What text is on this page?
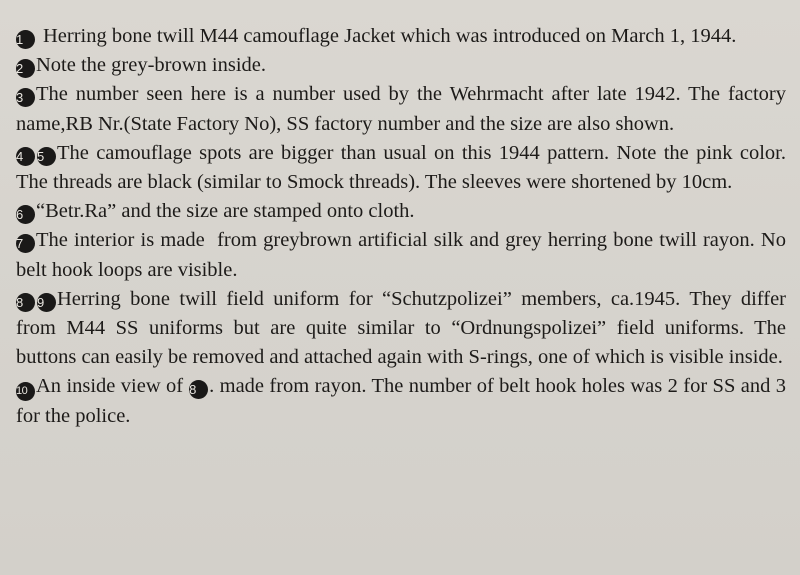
1 Herring bone twill M44 camouflage Jacket which was introduced on March 1, 1944.

2 Note the grey-brown inside.

3 The number seen here is a number used by the Wehrmacht after late 1942. The factory name,RB Nr.(State Factory No), SS factory number and the size are also shown.

4 5 The camouflage spots are bigger than usual on this 1944 pattern. Note the pink color. The threads are black (similar to Smock threads). The sleeves were shortened by 10cm.

6 “Betr.Ra” and the size are stamped onto cloth.

7 The interior is made  from greybrown artificial silk and grey herring bone twill rayon. No belt hook loops are visible.

8 9 Herring bone twill field uniform for “Schutzpolizei” members, ca.1945. They differ from M44 SS uniforms but are quite similar to “Ordnungspolizei” field uniforms. The buttons can easily be removed and attached again with S-rings, one of which is visible inside.

10 An inside view of 8 . made from rayon. The number of belt hook holes was 2 for SS and 3 for the police.
